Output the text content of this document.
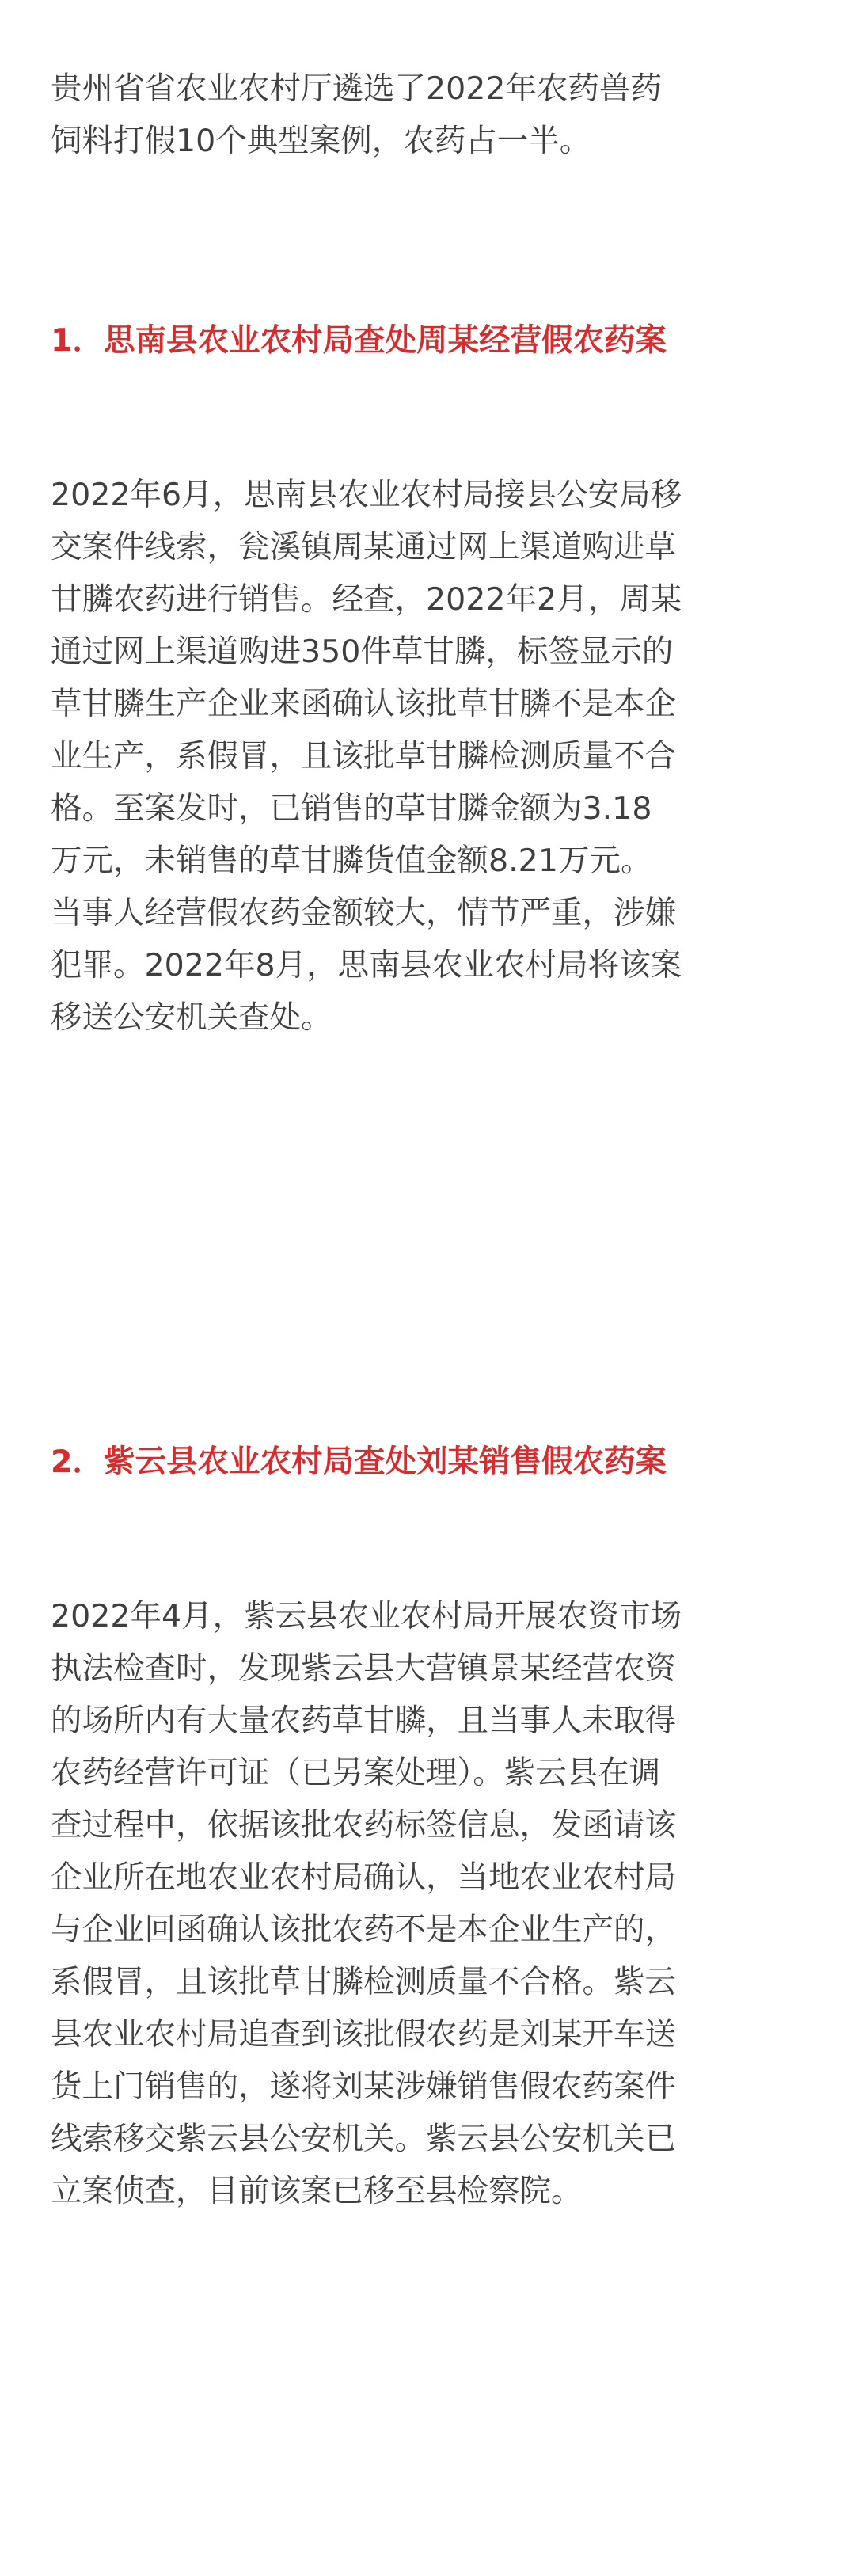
贵州省省农业农村厅遴选了2022年农药兽药
饲料打假10个典型案例，农药占一半。

1．思南县农业农村局查处周某经营假农药案

2022年6月，思南县农业农村局接县公安局移
交案件线索，瓮溪镇周某通过网上渠道购进草
甘膦农药进行销售。经查，2022年2月，周某
通过网上渠道购进350件草甘膦，标签显示的
草甘膦生产企业来函确认该批草甘膦不是本企
业生产，系假冒，且该批草甘膦检测质量不合
格。至案发时，已销售的草甘膦金额为3.18
万元，未销售的草甘膦货值金额8.21万元。
当事人经营假农药金额较大，情节严重，涉嫌
犯罪。2022年8月，思南县农业农村局将该案
移送公安机关查处。

2．紫云县农业农村局查处刘某销售假农药案

2022年4月，紫云县农业农村局开展农资市场
执法检查时，发现紫云县大营镇景某经营农资
的场所内有大量农药草甘膦，且当事人未取得
农药经营许可证（已另案处理）。紫云县在调
查过程中，依据该批农药标签信息，发函请该
企业所在地农业农村局确认，当地农业农村局
与企业回函确认该批农药不是本企业生产的，
系假冒，且该批草甘膦检测质量不合格。紫云
县农业农村局追查到该批假农药是刘某开车送
货上门销售的，遂将刘某涉嫌销售假农药案件
线索移交紫云县公安机关。紫云县公安机关已
立案侦查，目前该案已移至县检察院。
